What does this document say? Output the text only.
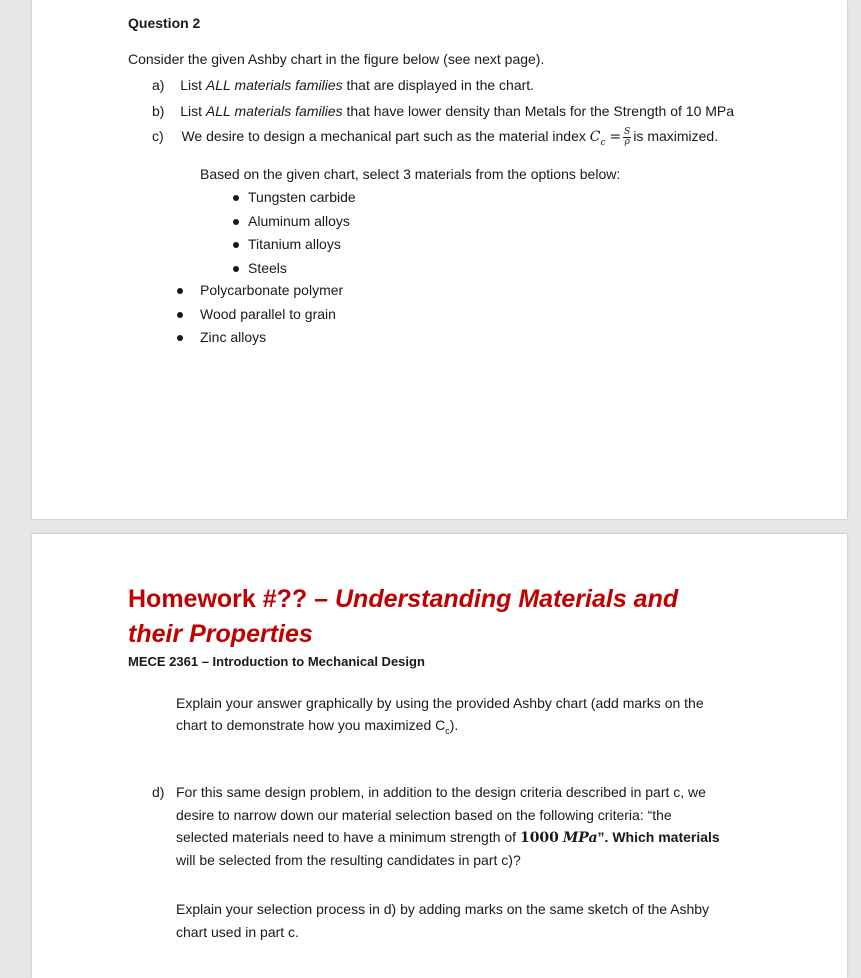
Question 2
Consider the given Ashby chart in the figure below (see next page).
a) List ALL materials families that are displayed in the chart.
b) List ALL materials families that have lower density than Metals for the Strength of 10 MPa
c) We desire to design a mechanical part such as the material index $C_c = \frac{S}{\rho}$ is maximized.
Based on the given chart, select 3 materials from the options below:
Tungsten carbide
Aluminum alloys
Titanium alloys
Steels
Polycarbonate polymer
Wood parallel to grain
Zinc alloys
Homework #?? – Understanding Materials and
their Properties
MECE 2361 – Introduction to Mechanical Design
Explain your answer graphically by using the provided Ashby chart (add marks on the
chart to demonstrate how you maximized $C_c$).
d) For this same design problem, in addition to the design criteria described in part c, we
desire to narrow down our material selection based on the following criteria: “the
selected materials need to have a minimum strength of 1000 MPa”. Which materials
will be selected from the resulting candidates in part c)?
Explain your selection process in d) by adding marks on the same sketch of the Ashby
chart used in part c.
